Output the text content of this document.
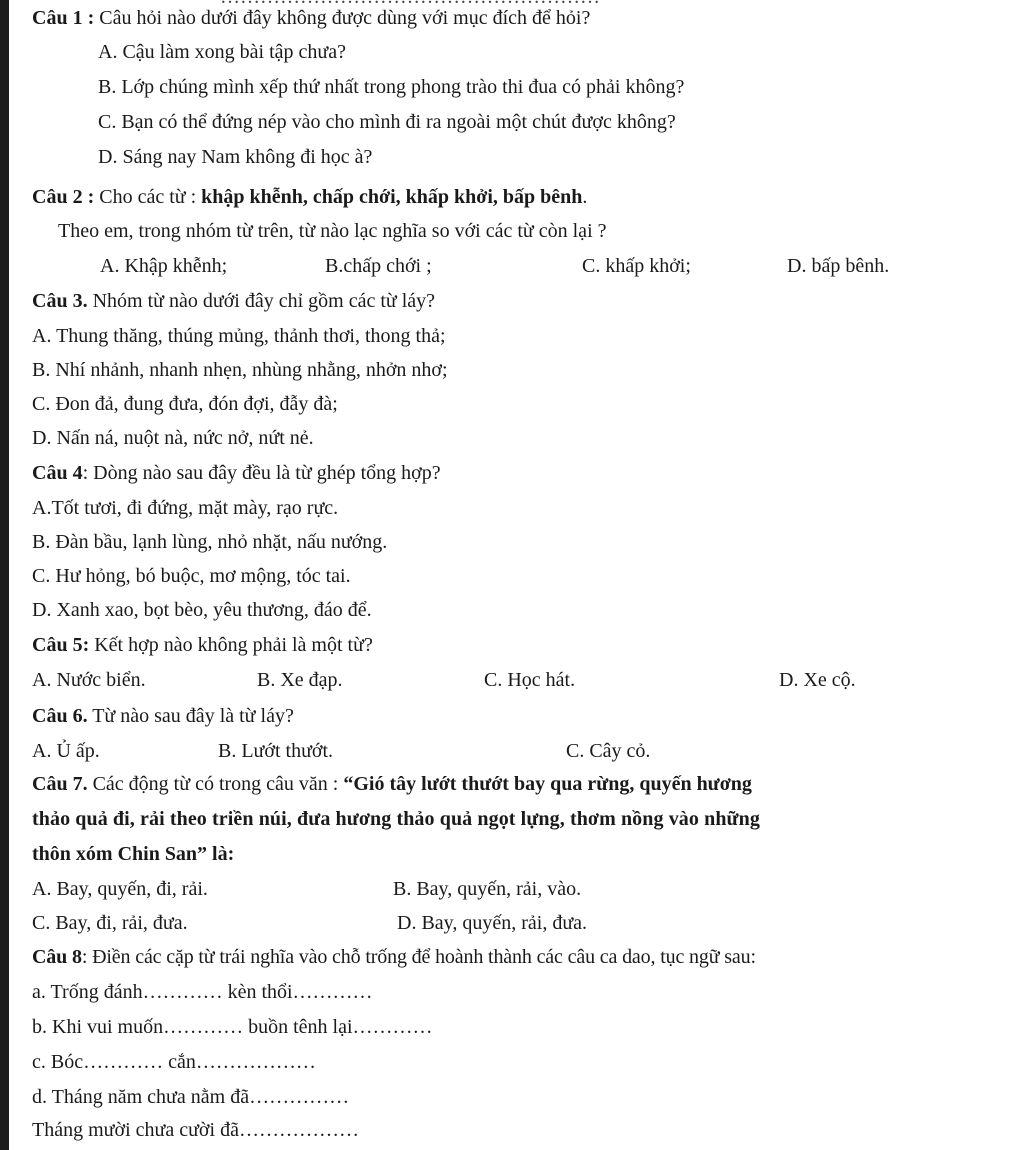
Câu 1 : Câu hỏi nào dưới đây không được dùng với mục đích để hỏi?
A. Cậu làm xong bài tập chưa?
B. Lớp chúng mình xếp thứ nhất trong phong trào thi đua có phải không?
C. Bạn có thể đứng nép vào cho mình đi ra ngoài một chút được không?
D. Sáng nay Nam không đi học à?
Câu 2 : Cho các từ : khập khễnh, chấp chới, khấp khởi, bấp bênh.
Theo em, trong nhóm từ trên, từ nào lạc nghĩa so với các từ còn lại ?
A. Khập khễnh;	B.chấp chới ;	C. khấp khởi;	D. bấp bênh.
Câu 3. Nhóm từ nào dưới đây chỉ gồm các từ láy?
A. Thung thăng, thúng mủng, thảnh thơi, thong thả;
B. Nhí nhảnh, nhanh nhẹn, nhùng nhằng, nhởn nhơ;
C. Đon đả, đung đưa, đón đợi, đẫy đà;
D. Nấn ná, nuột nà, nức nở, nứt nẻ.
Câu 4: Dòng nào sau đây đều là từ ghép tổng hợp?
A.Tốt tươi, đi đứng, mặt mày, rạo rực.
B. Đàn bầu, lạnh lùng, nhỏ nhặt, nấu nướng.
C. Hư hỏng, bó buộc, mơ mộng, tóc tai.
D. Xanh xao, bọt bèo, yêu thương, đáo để.
Câu 5: Kết hợp nào không phải là một từ?
A. Nước biển.	B. Xe đạp.	C. Học hát.	D. Xe cộ.
Câu 6. Từ nào sau đây là từ láy?
A. Ủ ấp.	B. Lướt thướt.	C. Cây cỏ.
Câu 7. Các động từ có trong câu văn : “Gió tây lướt thướt bay qua rừng, quyến hương
thảo quả đi, rải theo triền núi, đưa hương thảo quả ngọt lựng, thơm nồng vào những
thôn xóm Chin San” là:
A. Bay, quyến, đi, rải.	B. Bay, quyến, rải, vào.
C. Bay, đi, rải, đưa.	D. Bay, quyến, rải, đưa.
Câu 8: Điền các cặp từ trái nghĩa vào chỗ trống để hoành thành các câu ca dao, tục ngữ sau:
a. Trống đánh………… kèn thổi…………
b. Khi vui muốn………… buồn tênh lại…………
c. Bóc………… cắn………………
d. Tháng năm chưa nằm đã……………
Tháng mười chưa cười đã………………
